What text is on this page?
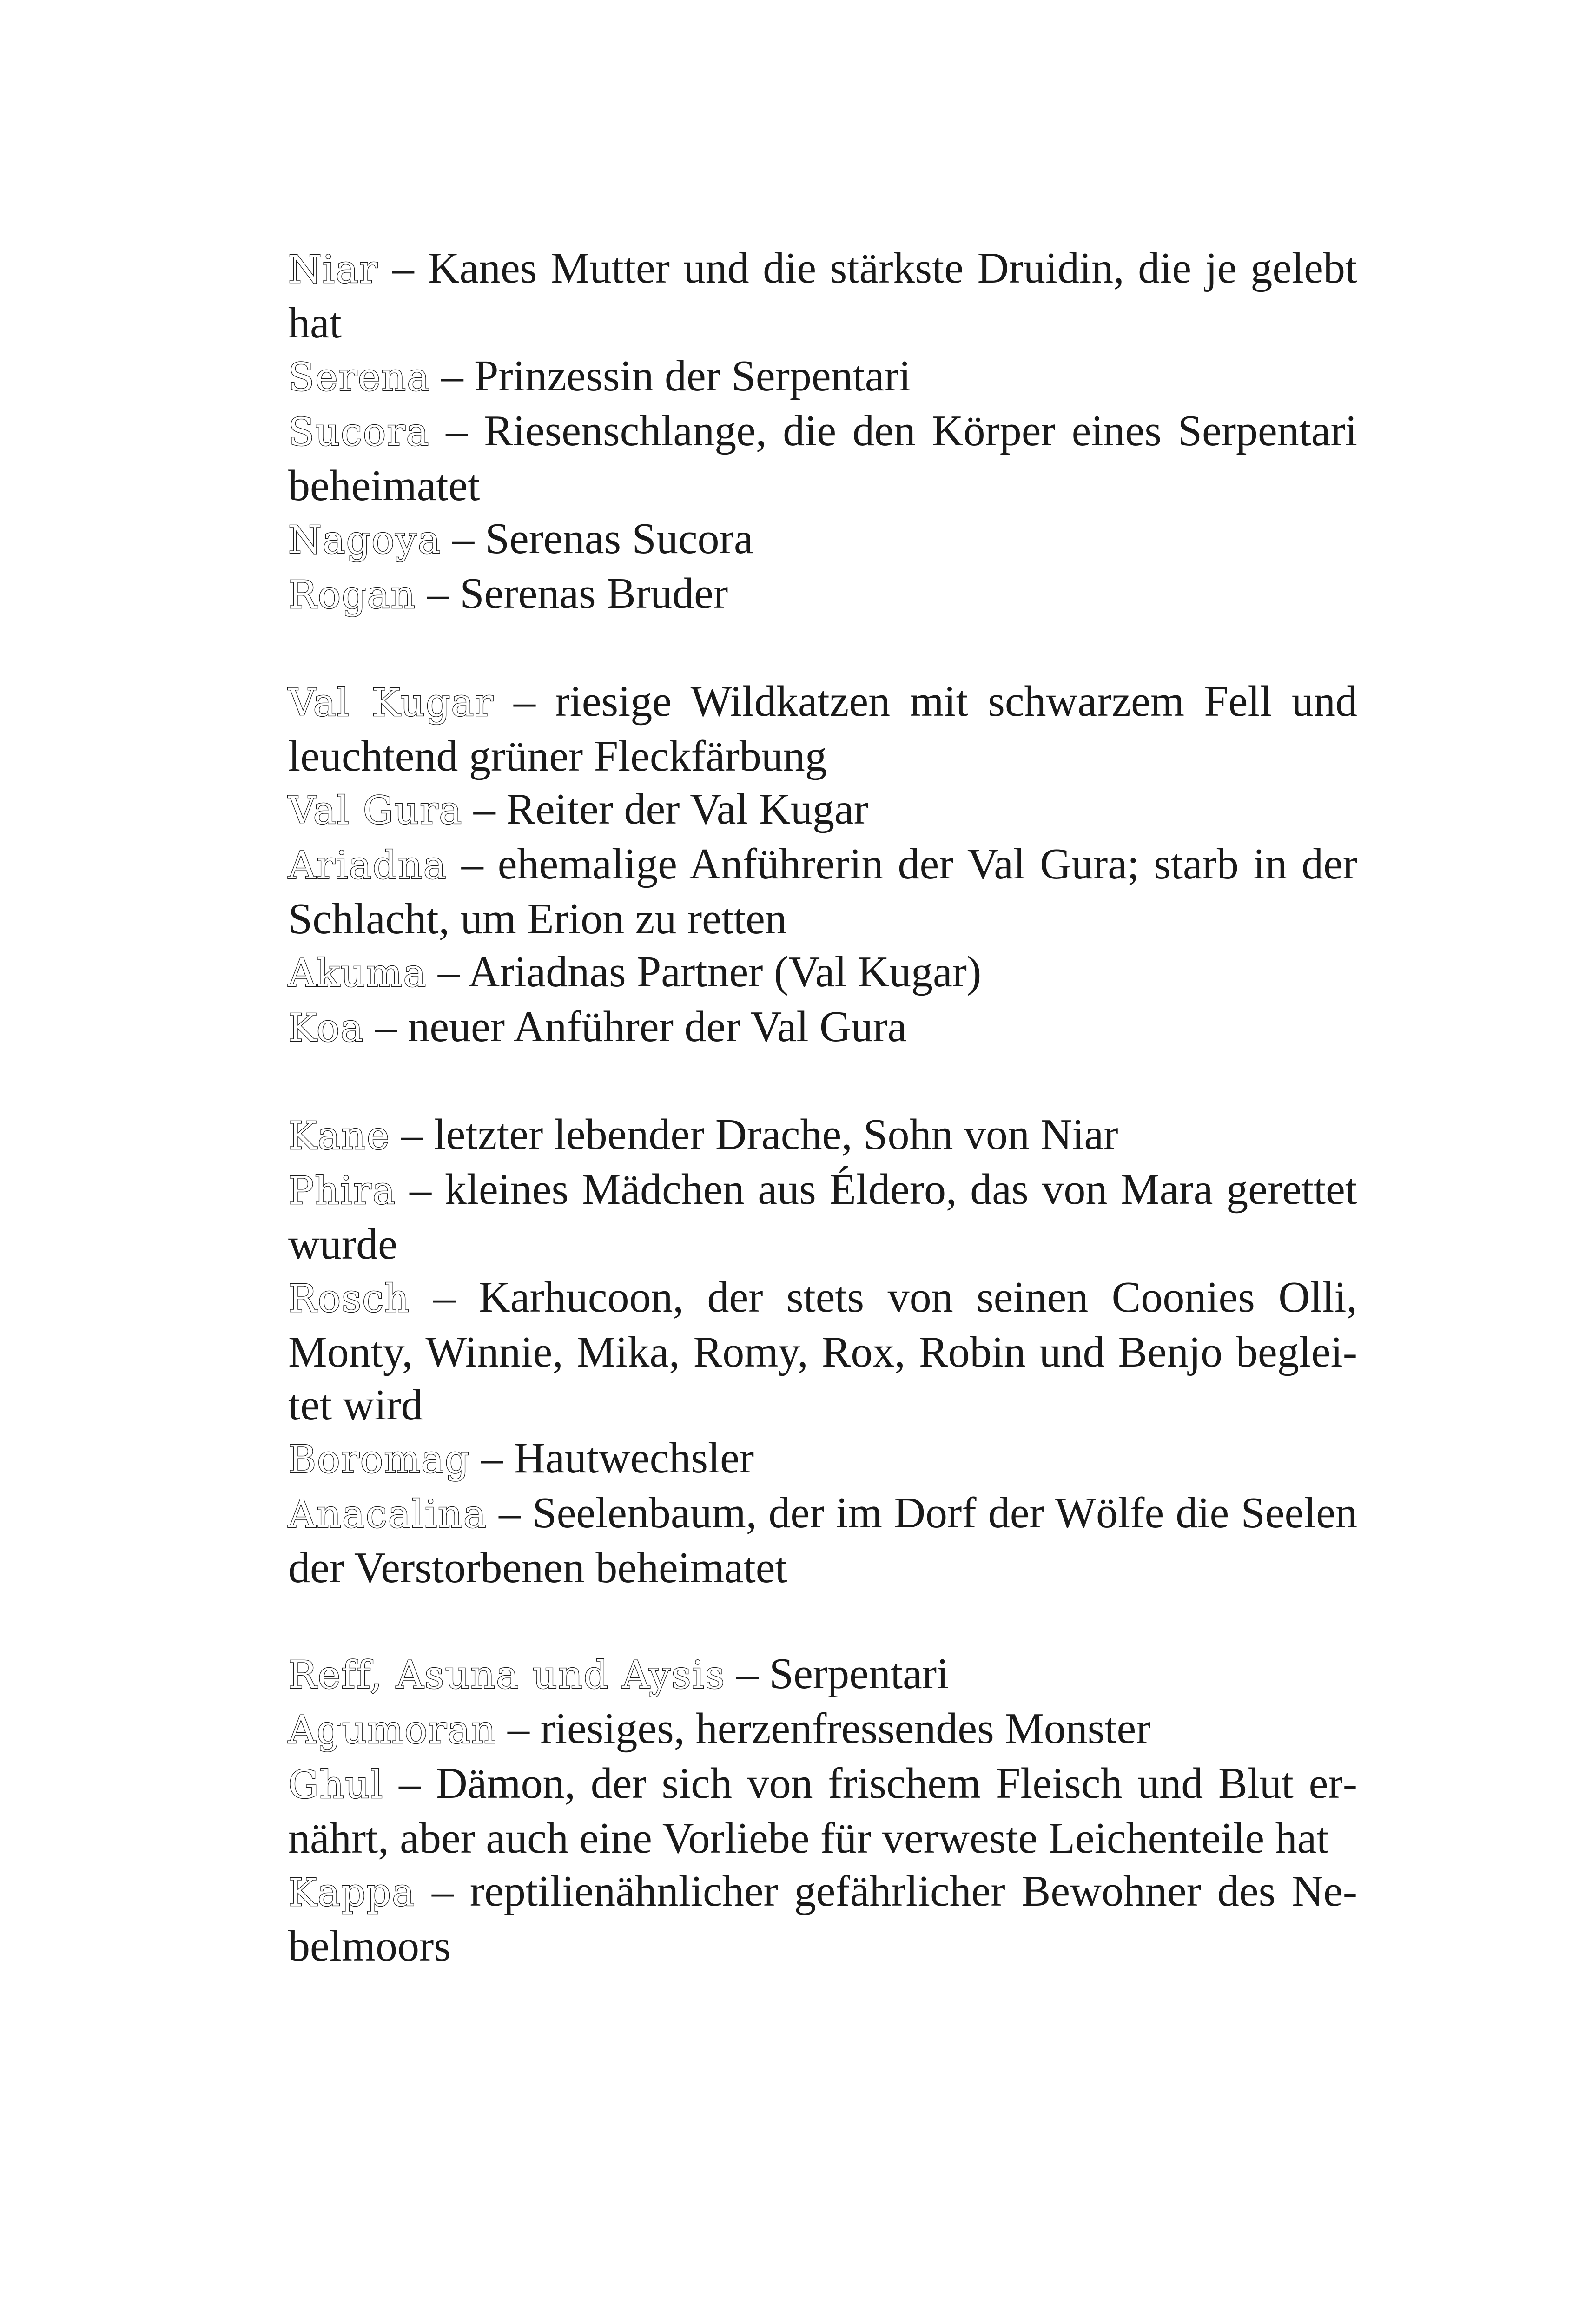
Niar – Kanes Mutter und die stärkste Druidin, die je gelebt hat

Serena – Prinzessin der Serpentari

Sucora – Riesenschlange, die den Körper eines Serpentari beheimatet

Nagoya – Serenas Sucora

Rogan – Serenas Bruder

Val Kugar – riesige Wildkatzen mit schwarzem Fell und leuchtend grüner Fleckfärbung

Val Gura – Reiter der Val Kugar

Ariadna – ehemalige Anführerin der Val Gura; starb in der Schlacht, um Erion zu retten

Akuma – Ariadnas Partner (Val Kugar)

Koa – neuer Anführer der Val Gura

Kane – letzter lebender Drache, Sohn von Niar

Phira – kleines Mädchen aus Éldero, das von Mara gerettet wurde

Rosch – Karhucoon, der stets von seinen Coonies Olli, Monty, Winnie, Mika, Romy, Rox, Robin und Benjo begleitet wird

Boromag – Hautwechsler

Anacalina – Seelenbaum, der im Dorf der Wölfe die Seelen der Verstorbenen beheimatet

Reff, Asuna und Aysis – Serpentari

Agumoran – riesiges, herzenfressendes Monster

Ghul – Dämon, der sich von frischem Fleisch und Blut ernährt, aber auch eine Vorliebe für verweste Leichenteile hat

Kappa – reptilienähnlicher gefährlicher Bewohner des Nebelmoors
